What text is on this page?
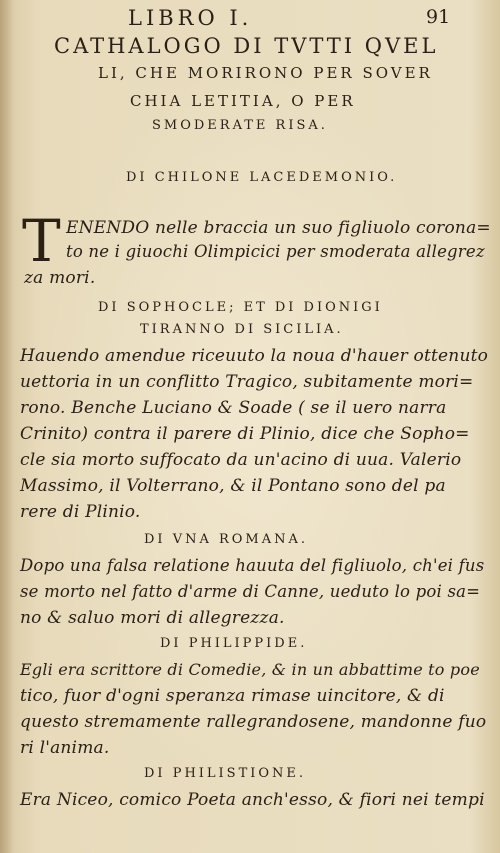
LIBRO I.	91
CATHALOGO DI TVTTI QVEL
LI, CHE MORIRONO PER SOVER
CHIA LETITIA, O PER
SMODERATE RISA.
DI CHILONE LACEDEMONIO.
T ENENDO nelle braccia un suo figliuolo corona=
to ne i giuochi Olimpicici per smoderata allegrez
za mori.
DI SOPHOCLE; ET DI DIONIGI
TIRANNO DI SICILIA.
Hauendo amendue riceuuto la noua d'hauer ottenuto
uettoria in un conflitto Tragico, subitamente mori=
rono. Benche Luciano & Soade ( se il uero narra
Crinito) contra il parere di Plinio, dice che Sopho=
cle sia morto suffocato da un'acino di uua. Valerio
Massimo, il Volterrano, & il Pontano sono del pa
rere di Plinio.
DI VNA ROMANA.
Dopo una falsa relatione hauuta del figliuolo, ch'ei fus
se morto nel fatto d'arme di Canne, ueduto lo poi sa=
no & saluo mori di allegrezza.
DI PHILIPPIDE.
Egli era scrittore di Comedie, & in un abbattime to poe
tico, fuor d'ogni speranza rimase uincitore, & di
questo stremamente rallegrandosene, mandonne fuo
ri l'anima.
DI PHILISTIONE.
Era Niceo, comico Poeta anch'esso, & fiori nei tempi
